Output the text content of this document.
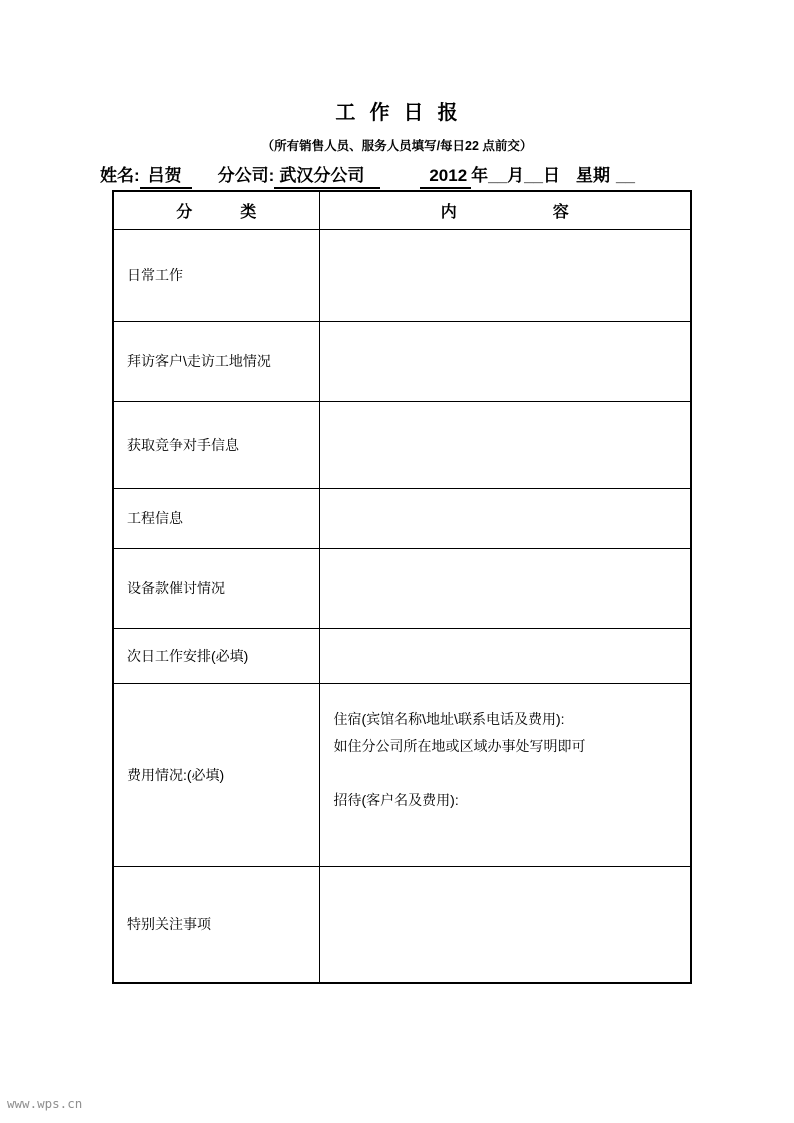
工  作  日  报
（所有销售人员、服务人员填写/每日22 点前交）
姓名: 吕贺 分公司: 武汉分公司	2012 年__月__日 星期 __
分　　　类	内　　　　　　容
日常工作	
拜访客户\走访工地情况	
获取竞争对手信息	
工程信息	
设备款催讨情况	
次日工作安排(必填)	
费用情况:(必填)	住宿(宾馆名称\地址\联系电话及费用):
如住分公司所在地或区域办事处写明即可
招待(客户名及费用):

特别关注事项	
www.wps.cn
